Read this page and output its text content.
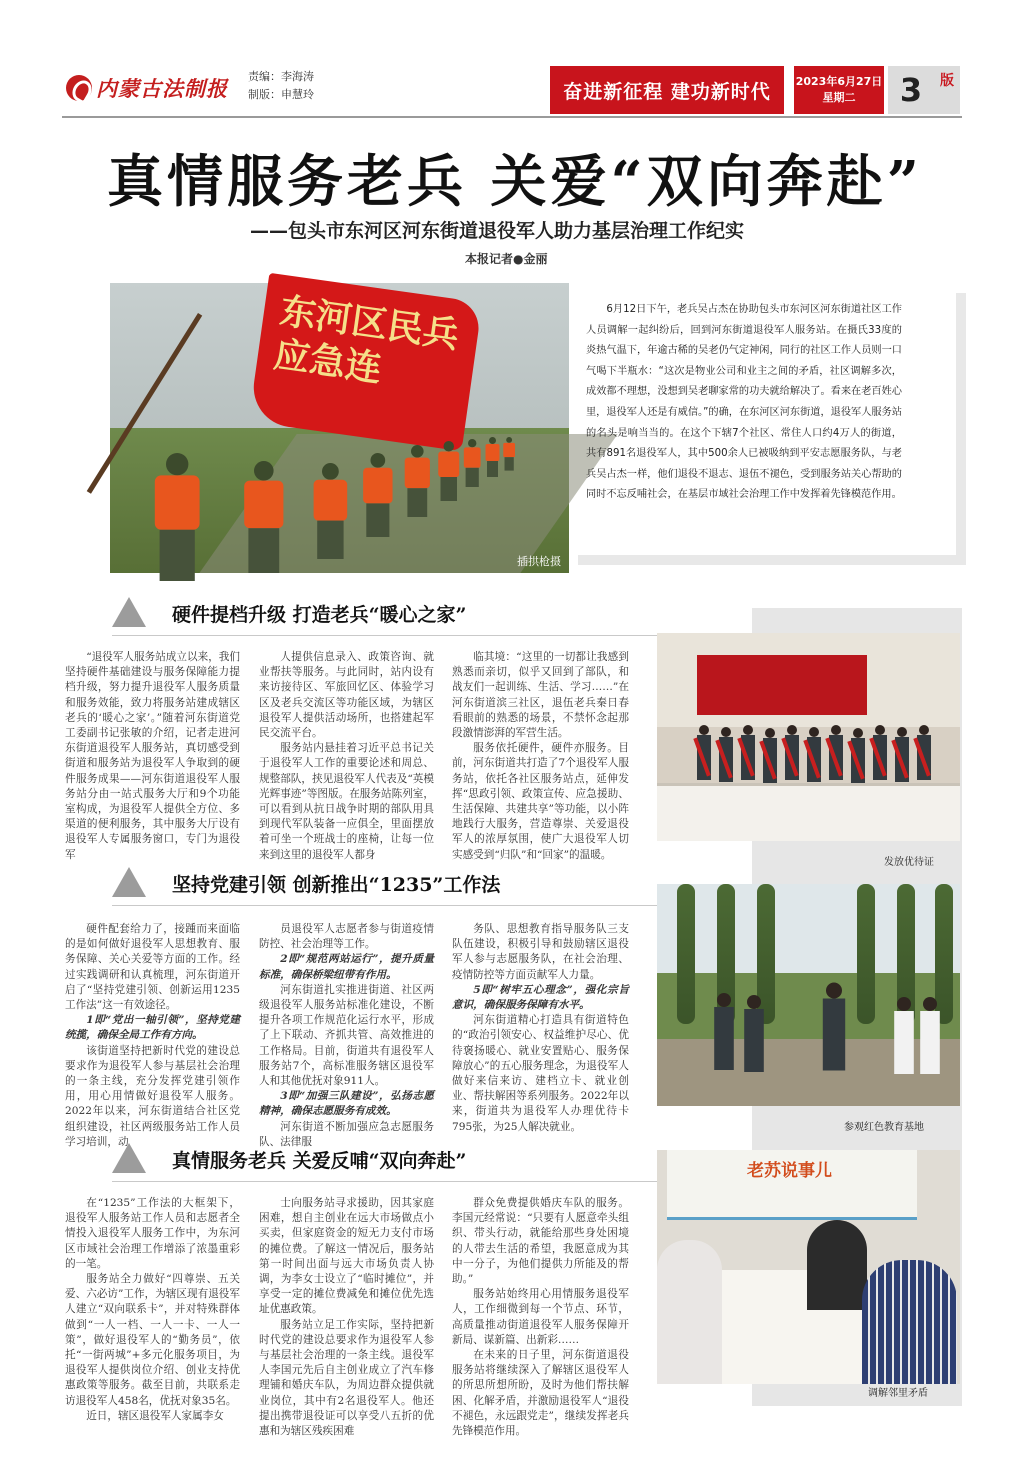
内蒙古法制报 责编：李海涛
制版：申慧玲	奋进新征程 建功新时代	2023年6月27日
星期二	3	版
真情服务老兵 关爱“双向奔赴”
——包头市东河区河东街道退役军人助力基层治理工作纪实
本报记者●金丽
东河区民兵应急连
插拱枪摄
6月12日下午，老兵吴占杰在协助包头市东河区河东街道社区工作人员调解一起纠纷后，回到河东街道退役军人服务站。在摄氏33度的炎热气温下，年逾古稀的吴老仍气定神闲，同行的社区工作人员则一口气喝下半瓶水：“这次是物业公司和业主之间的矛盾，社区调解多次，成效都不理想，没想到吴老聊家常的功夫就给解决了。看来在老百姓心里，退役军人还是有威信。”的确，在东河区河东街道，退役军人服务站的名头是响当当的。在这个下辖7个社区、常住人口约4万人的街道，共有891名退役军人，其中500余人已被吸纳到平安志愿服务队，与老兵吴占杰一样，他们退役不退志、退伍不褪色，受到服务站关心帮助的同时不忘反哺社会，在基层市域社会治理工作中发挥着先锋模范作用。
硬件提档升级 打造老兵“暖心之家”

“退役军人服务站成立以来，我们坚持硬件基础建设与服务保障能力提档升级，努力提升退役军人服务质量和服务效能，致力将服务站建成辖区老兵的‘暖心之家’。”随着河东街道党工委副书记张敏的介绍，记者走进河东街道退役军人服务站，真切感受到街道和服务站为退役军人争取到的硬件服务成果——河东街道退役军人服务站分由一站式服务大厅和9个功能室构成，为退役军人提供全方位、多渠道的便利服务，其中服务大厅设有退役军人专属服务窗口，专门为退役军

人提供信息录入、政策咨询、就业帮扶等服务。与此同时，站内设有来访接待区、军旅回忆区、体验学习区及老兵交流区等功能区域，为辖区退役军人提供活动场所，也搭建起军民交流平台。

服务站内悬挂着习近平总书记关于退役军人工作的重要论述和周总、规整部队，挟见退役军人代表及“英模光辉事迹”等图版。在服务站陈列室，可以看到从抗日战争时期的部队用具到现代军队装备一应俱全，里面摆放着可坐一个班战士的座椅，让每一位来到这里的退役军人都身

临其境：“这里的一切都让我感到熟悉而亲切，似乎又回到了部队，和战友们一起训练、生活、学习……”在河东街道滨三社区，退伍老兵秦日春看眼前的熟悉的场景，不禁怀念起那段激情澎湃的军营生活。

服务依托硬件，硬件亦服务。目前，河东街道共打造了7个退役军人服务站，依托各社区服务站点，延伸发挥“思政引领、政策宣传、应急援助、生活保障、共建共享”等功能，以小阵地践行大服务，营造尊崇、关爱退役军人的浓厚氛围，使广大退役军人切实感受到“归队”和“回家”的温暖。

坚持党建引领 创新推出“1235”工作法

硬件配套给力了，接踵而来面临的是如何做好退役军人思想教育、服务保障、关心关爱等方面的工作。经过实践调研和认真梳理，河东街道开启了“坚持党建引领、创新运用1235工作法”这一有效途径。

1即“党出一轴引领”，坚持党建统揽，确保全局工作有方向。

该街道坚持把新时代党的建设总要求作为退役军人参与基层社会治理的一条主线，充分发挥党建引领作用，用心用情做好退役军人服务。2022年以来，河东街道结合社区党组织建设，社区两级服务站工作人员学习培训，动

员退役军人志愿者参与街道疫情防控、社会治理等工作。

2即“规范两站运行”，提升质量标准，确保桥梁纽带有作用。

河东街道扎实推进街道、社区两级退役军人服务站标准化建设，不断提升各项工作规范化运行水平，形成了上下联动、齐抓共管、高效推进的工作格局。目前，街道共有退役军人服务站7个，高标准服务辖区退役军人和其他优抚对象911人。

3即“加强三队建设”，弘扬志愿精神，确保志愿服务有成效。

河东街道不断加强应急志愿服务队、法律服

务队、思想教育指导服务队三支队伍建设，积极引导和鼓励辖区退役军人参与志愿服务队，在社会治理、疫情防控等方面贡献军人力量。

5即“树牢五心理念”，强化宗旨意识，确保服务保障有水平。

河东街道精心打造具有街道特色的“政治引领安心、权益维护尽心、优待褒扬暖心、就业安置贴心、服务保障放心”的五心服务理念，为退役军人做好来信来访、建档立卡、就业创业、帮扶解困等系列服务。2022年以来，街道共为退役军人办理优待卡795张，为25人解决就业。

真情服务老兵 关爱反哺“双向奔赴”

在“1235”工作法的大框架下，退役军人服务站工作人员和志愿者全情投入退役军人服务工作中，为东河区市域社会治理工作增添了浓墨重彩的一笔。

服务站全力做好“四尊崇、五关爱、六必访”工作，为辖区现有退役军人建立“双向联系卡”，并对特殊群体做到“一人一档、一人一卡、一人一策”，做好退役军人的“勤务员”，依托“一街两城”+多元化服务项目，为退役军人提供岗位介绍、创业支持优惠政策等服务。截至目前，共联系走访退役军人458名，优抚对象35名。

近日，辖区退役军人家属李女

士向服务站寻求援助，因其家庭困难，想自主创业在远大市场做点小买卖，但家庭资金的短无力支付市场的摊位费。了解这一情况后，服务站第一时间出面与远大市场负责人协调，为李女士设立了“临时摊位”，并享受一定的摊位费减免和摊位优先选址优惠政策。

服务站立足工作实际，坚持把新时代党的建设总要求作为退役军人参与基层社会治理的一条主线。退役军人李国元先后自主创业成立了汽车修理铺和婚庆车队，为周边群众提供就业岗位，其中有2名退役军人。他还提出携带退役证可以享受八五折的优惠和为辖区残疾困难

群众免费提供婚庆车队的服务。李国元经常说：“只要有人愿意牵头组织、带头行动，就能给那些身处困境的人带去生活的希望，我愿意成为其中一分子，为他们提供力所能及的帮助。”

服务站始终用心用情服务退役军人，工作细微到每一个节点、环节，高质量推动街道退役军人服务保障开新局、谋新篇、出新彩……

在未来的日子里，河东街道退役服务站将继续深入了解辖区退役军人的所思所想所盼，及时为他们帮扶解困、化解矛盾，并激励退役军人“退役不褪色，永远跟党走”，继续发挥老兵先锋模范作用。

发放优待证
参观红色教育基地
老苏说事儿
调解邻里矛盾
